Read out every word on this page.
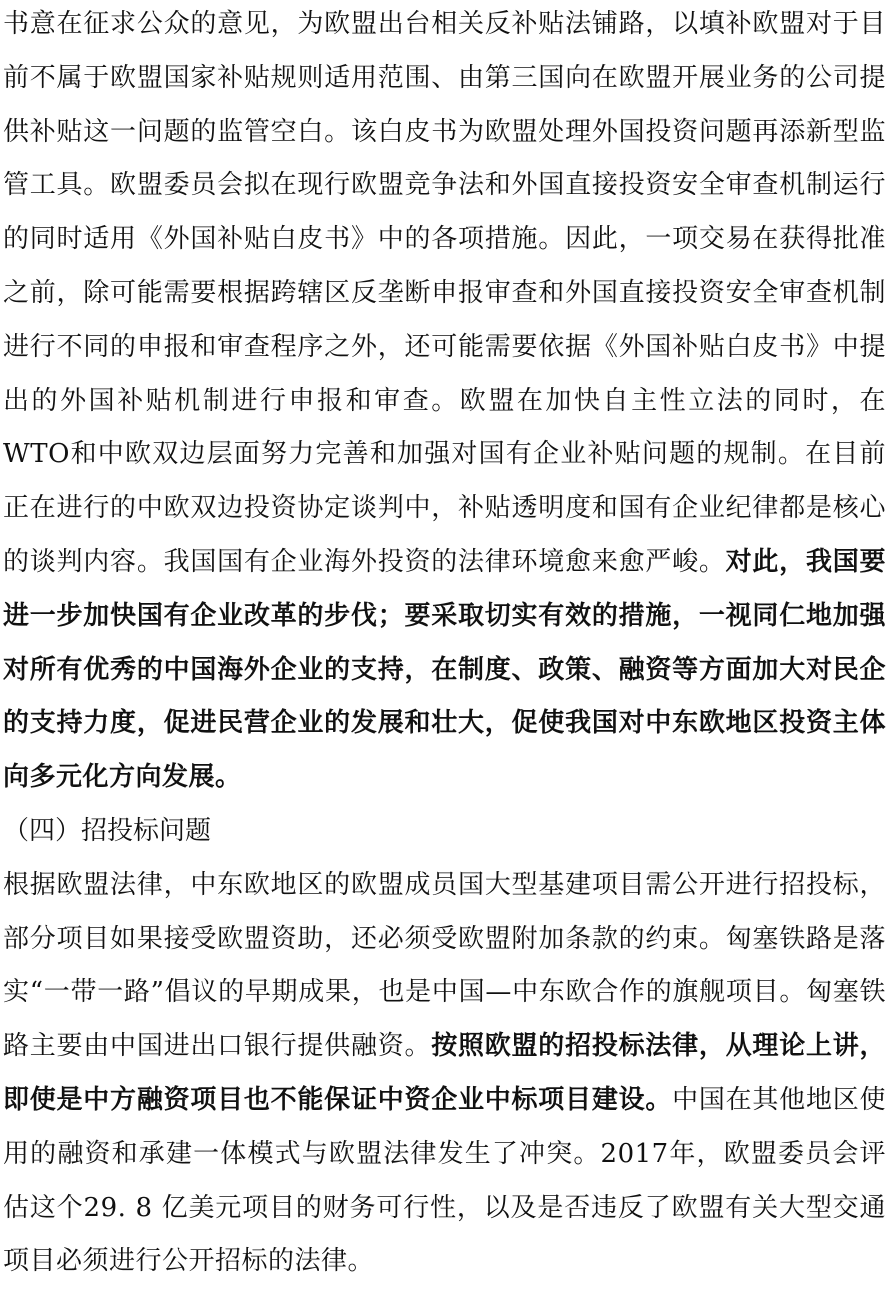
书意在征求公众的意见，为欧盟出台相关反补贴法铺路，以填补欧盟对于目前不属于欧盟国家补贴规则适用范围、由第三国向在欧盟开展业务的公司提供补贴这一问题的监管空白。该白皮书为欧盟处理外国投资问题再添新型监管工具。欧盟委员会拟在现行欧盟竞争法和外国直接投资安全审查机制运行的同时适用《外国补贴白皮书》中的各项措施。因此，一项交易在获得批准之前，除可能需要根据跨辖区反垄断申报审查和外国直接投资安全审查机制进行不同的申报和审查程序之外，还可能需要依据《外国补贴白皮书》中提出的外国补贴机制进行申报和审查。欧盟在加快自主性立法的同时，在WTO和中欧双边层面努力完善和加强对国有企业补贴问题的规制。在目前正在进行的中欧双边投资协定谈判中，补贴透明度和国有企业纪律都是核心的谈判内容。我国国有企业海外投资的法律环境愈来愈严峻。对此，我国要进一步加快国有企业改革的步伐；要采取切实有效的措施，一视同仁地加强对所有优秀的中国海外企业的支持，在制度、政策、融资等方面加大对民企的支持力度，促进民营企业的发展和壮大，促使我国对中东欧地区投资主体向多元化方向发展。

（四）招投标问题

根据欧盟法律，中东欧地区的欧盟成员国大型基建项目需公开进行招投标，部分项目如果接受欧盟资助，还必须受欧盟附加条款的约束。匈塞铁路是落实“一带一路”倡议的早期成果，也是中国—中东欧合作的旗舰项目。匈塞铁路主要由中国进出口银行提供融资。按照欧盟的招投标法律，从理论上讲，即使是中方融资项目也不能保证中资企业中标项目建设。中国在其他地区使用的融资和承建一体模式与欧盟法律发生了冲突。2017年，欧盟委员会评估这个29. 8 亿美元项目的财务可行性，以及是否违反了欧盟有关大型交通项目必须进行公开招标的法律。
